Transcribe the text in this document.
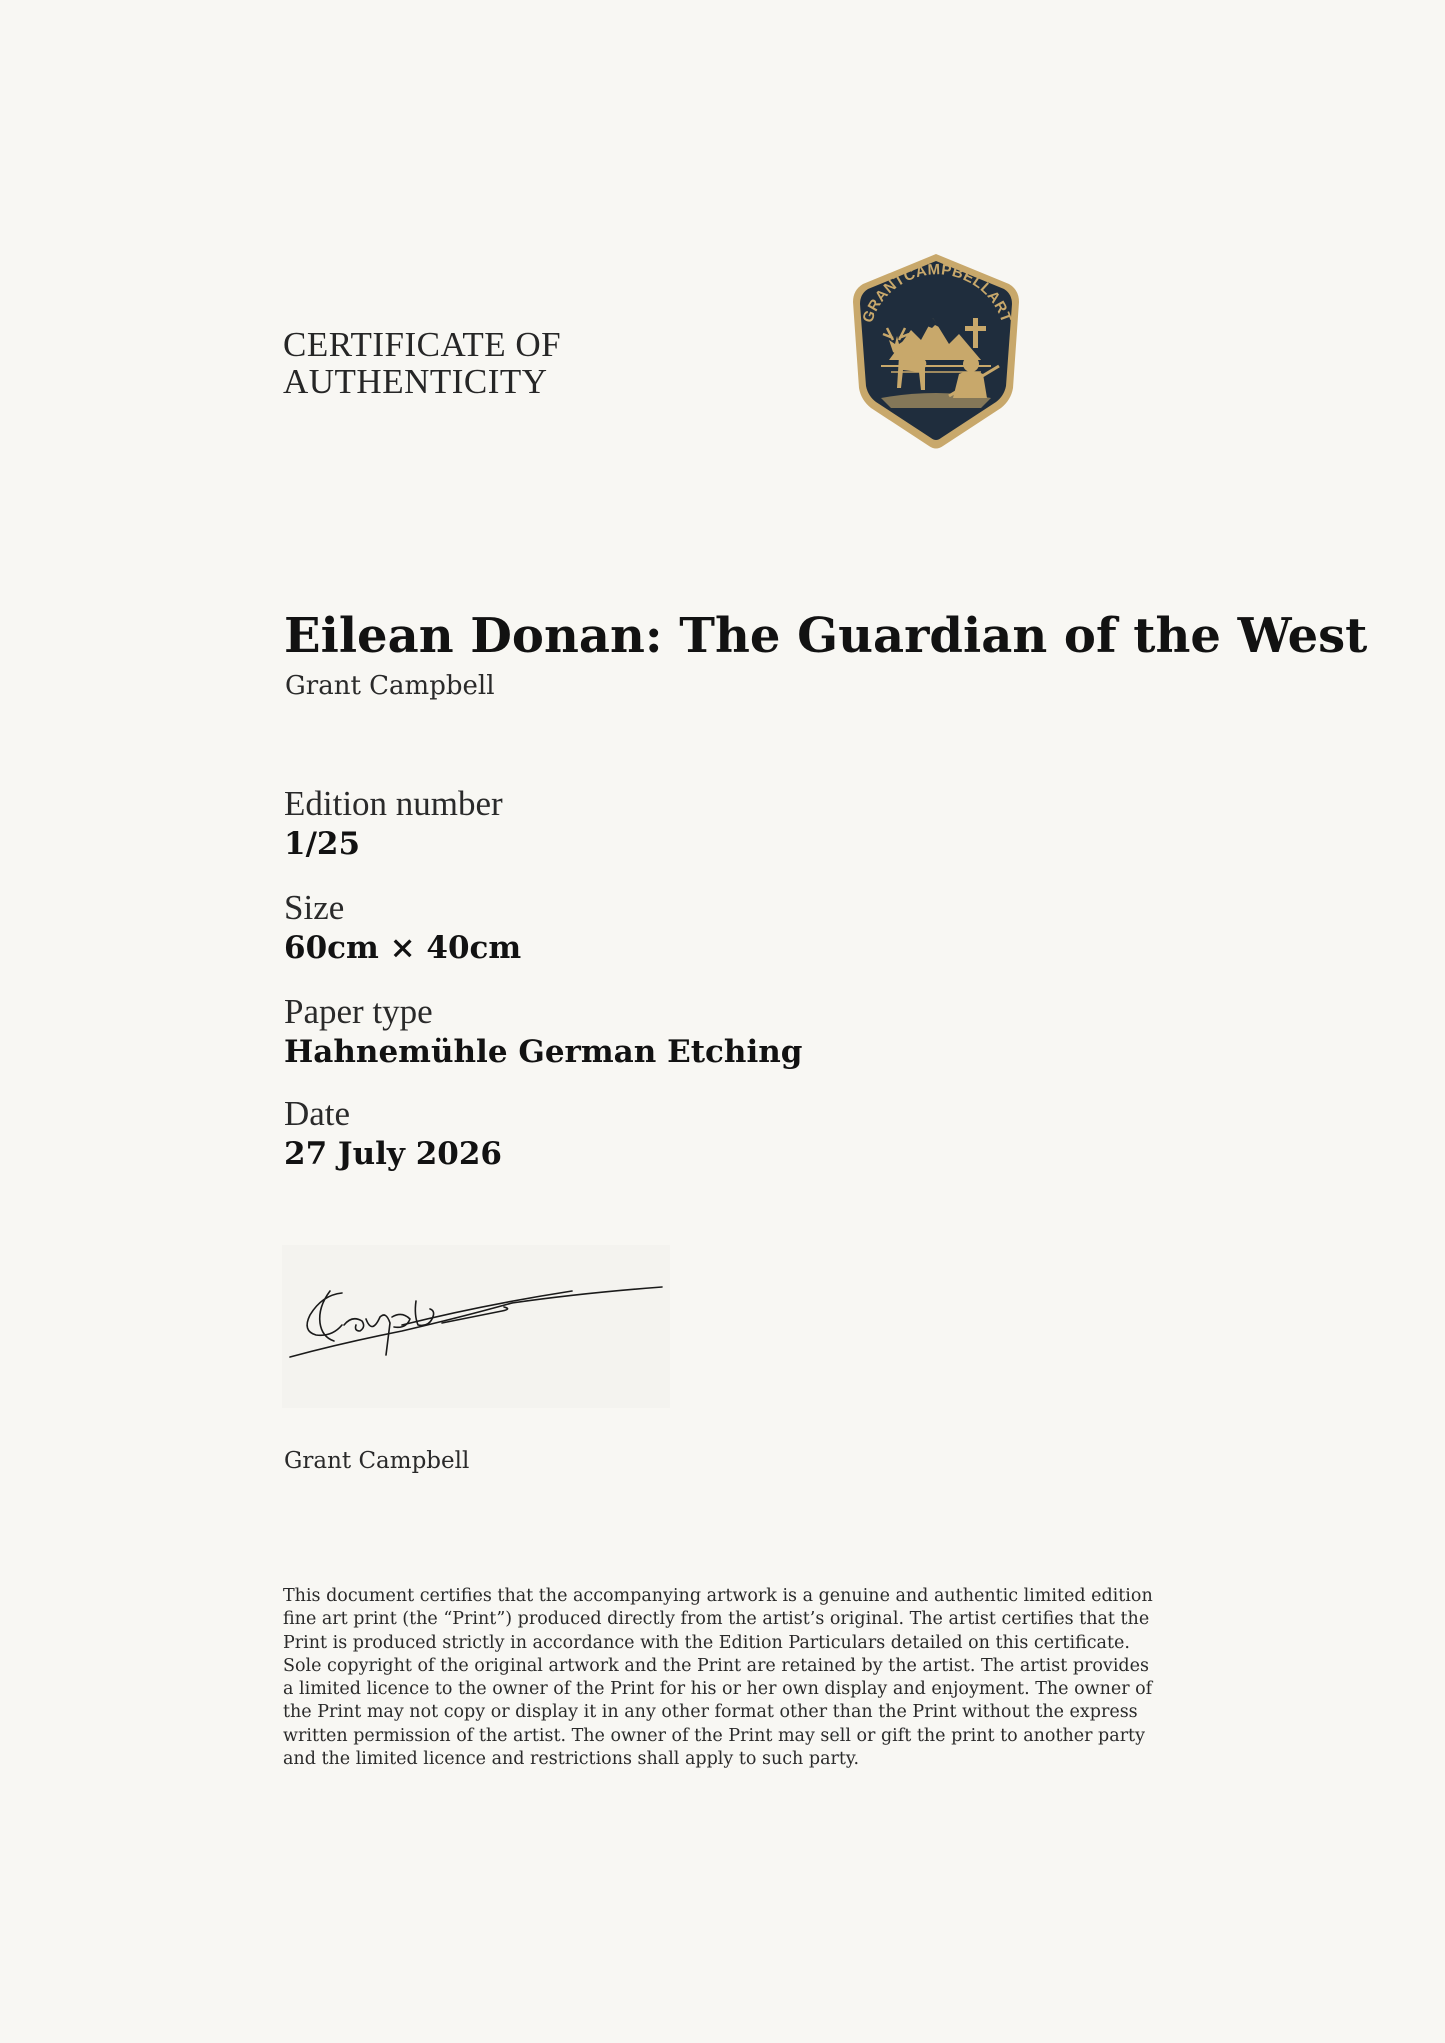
CERTIFICATE OF
AUTHENTICITY
GRANTCAMPBELLART
Eilean Donan: The Guardian of the West
Grant Campbell
Edition number
1/25
Size
60cm × 40cm
Paper type
Hahnemühle German Etching
Date
27 July 2026
Grant Campbell
This document certifies that the accompanying artwork is a genuine and authentic limited edition fine art print (the “Print”) produced directly from the artist’s original. The artist certifies that the Print is produced strictly in accordance with the Edition Particulars detailed on this certificate. Sole copyright of the original artwork and the Print are retained by the artist. The artist provides a limited licence to the owner of the Print for his or her own display and enjoyment. The owner of the Print may not copy or display it in any other format other than the Print without the express written permission of the artist. The owner of the Print may sell or gift the print to another party and the limited licence and restrictions shall apply to such party.
